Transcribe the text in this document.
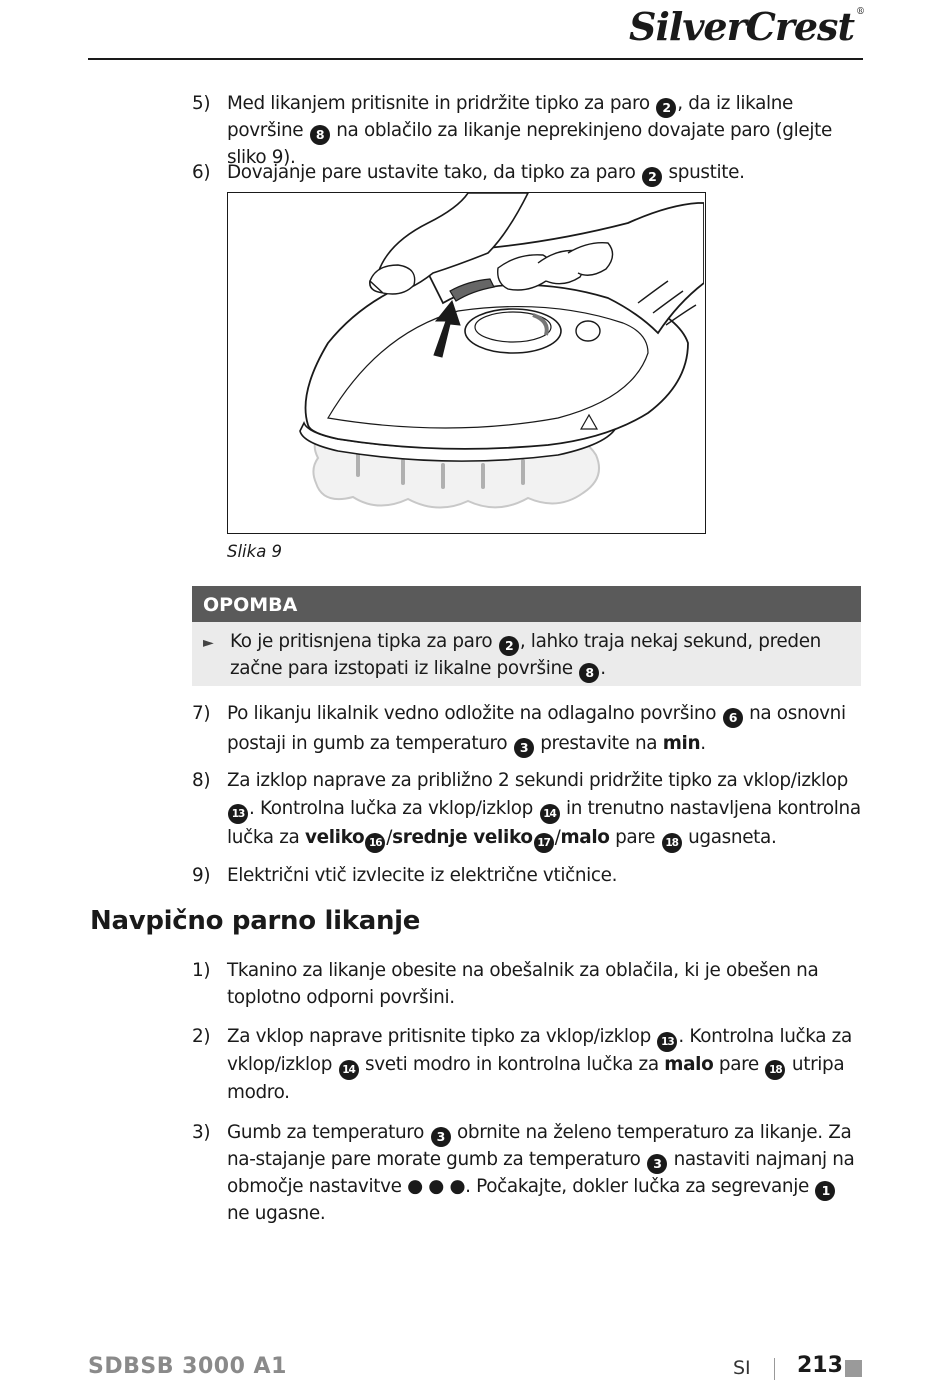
SilverCrest ®
5) Med likanjem pritisnite in pridržite tipko za paro 2 , da iz likalne površine 8 na oblačilo za likanje neprekinjeno dovajate paro (glejte sliko 9).
6) Dovajanje pare ustavite tako, da tipko za paro 2 spustite.
Slika 9
OPOMBA
► Ko je pritisnjena tipka za paro 2 , lahko traja nekaj sekund, preden začne para izstopati iz likalne površine 8 .
7) Po likanju likalnik vedno odložite na odlagalno površino 6 na osnovni postaji in gumb za temperaturo 3 prestavite na min.
8) Za izklop naprave za približno 2 sekundi pridržite tipko za vklop/izklop 13 . Kontrolna lučka za vklop/izklop 14 in trenutno nastavljena kontrolna lučka za veliko 16 /srednje veliko 17 /malo pare 18 ugasneta.
9) Električni vtič izvlecite iz električne vtičnice.
Navpično parno likanje
1) Tkanino za likanje obesite na obešalnik za oblačila, ki je obešen na toplotno odporni površini.
2) Za vklop naprave pritisnite tipko za vklop/izklop 13 . Kontrolna lučka za vklop/izklop 14 sveti modro in kontrolna lučka za malo pare 18 utripa modro.
3) Gumb za temperaturo 3 obrnite na želeno temperaturo za likanje. Za na-stajanje pare morate gumb za temperaturo 3 nastaviti najmanj na območje nastavitve ● ● ●. Počakajte, dokler lučka za segrevanje 1 ne ugasne.
SDBSB 3000 A1	SI 213
